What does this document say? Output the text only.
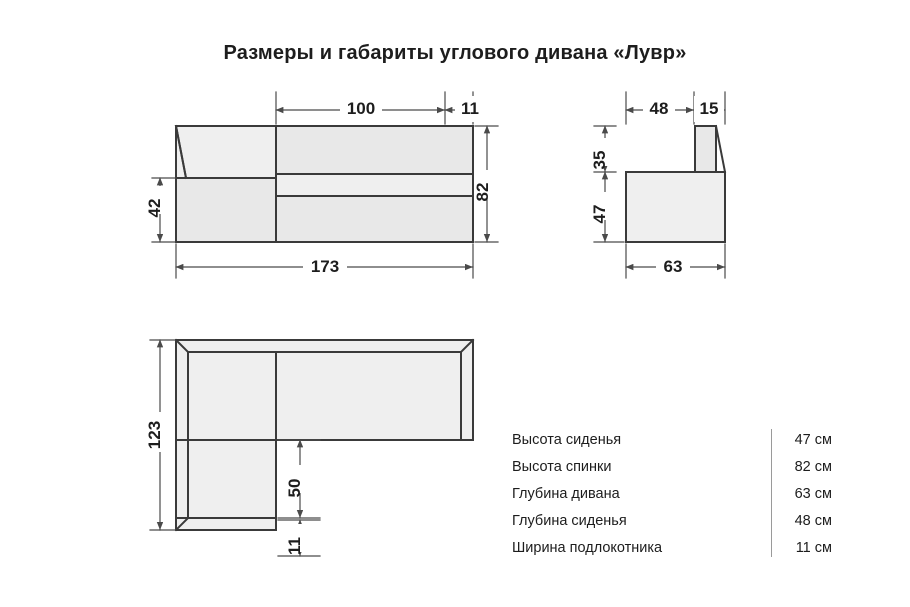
Размеры и габариты углового дивана «Лувр»
100	11
82
42
173
48 15
35
47
63
123
50
11
Высота сиденья	47 см
Высота спинки	82 см
Глубина дивана	63 см
Глубина сиденья	48 см
Ширина подлокотника	11 см
